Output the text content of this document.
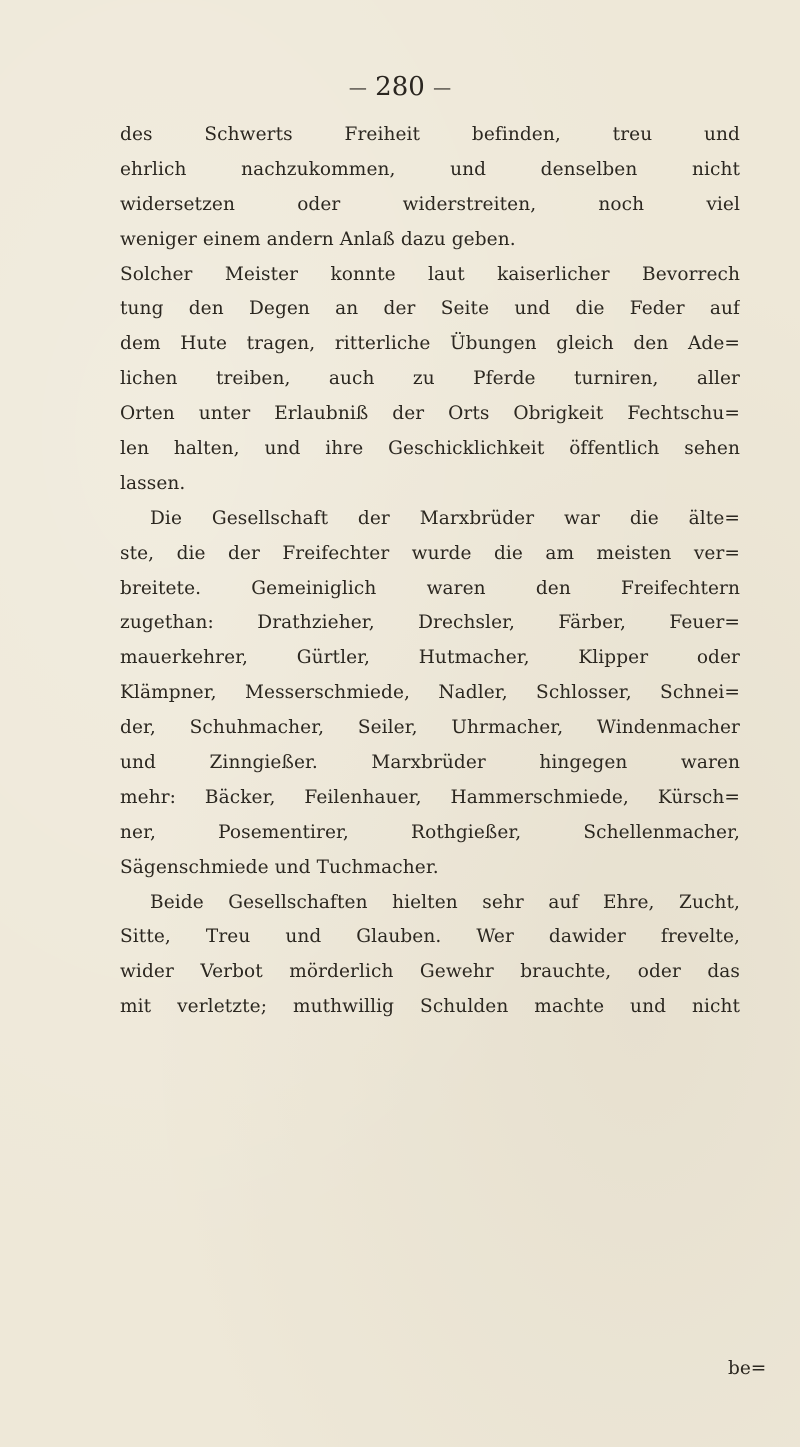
— 280 —
des Schwerts Freiheit befinden, treu und
ehrlich nachzukommen, und denselben nicht
widersetzen oder widerstreiten, noch viel
weniger einem andern Anlaß dazu geben.
Solcher Meister konnte laut kaiserlicher Bevorrech
tung den Degen an der Seite und die Feder auf
dem Hute tragen, ritterliche Übungen gleich den Ade=
lichen treiben, auch zu Pferde turniren, aller
Orten unter Erlaubniß der Orts Obrigkeit Fechtschu=
len halten, und ihre Geschicklichkeit öffentlich sehen
lassen.
Die Gesellschaft der Marxbrüder war die älte=
ste, die der Freifechter wurde die am meisten ver=
breitete. Gemeiniglich waren den Freifechtern
zugethan: Drathzieher, Drechsler, Färber, Feuer=
mauerkehrer, Gürtler, Hutmacher, Klipper oder
Klämpner, Messerschmiede, Nadler, Schlosser, Schnei=
der, Schuhmacher, Seiler, Uhrmacher, Windenmacher
und Zinngießer. Marxbrüder hingegen waren
mehr: Bäcker, Feilenhauer, Hammerschmiede, Kürsch=
ner, Posementirer, Rothgießer, Schellenmacher,
Sägenschmiede und Tuchmacher.
Beide Gesellschaften hielten sehr auf Ehre, Zucht,
Sitte, Treu und Glauben. Wer dawider frevelte,
wider Verbot mörderlich Gewehr brauchte, oder das
mit verletzte; muthwillig Schulden machte und nicht
be=
